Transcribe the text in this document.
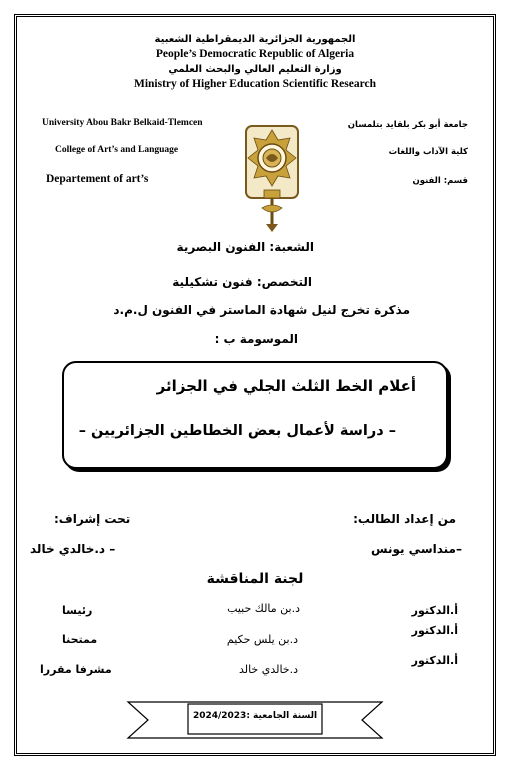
الجمهورية الجزائرية الديمقراطية الشعبية
People’s Democratic Republic of Algeria
وزارة التعليم العالي والبحث العلمي
Ministry of Higher Education Scientific Research
University Abou Bakr Belkaid-Tlemcen
College of Art’s and Language
Departement of art’s
جامعة أبو بكر بلقايد بتلمسان
كلية الآداب واللغات
قسم: الفنون
الشعبة: الفنون البصرية
التخصص: فنون تشكيلية
مذكرة تخرج لنيل شهادة الماستر في الفنون ل.م.د
الموسومة ب :
أعلام الخط الثلث الجلي في الجزائر
– دراسة لأعمال بعض الخطاطين الجزائريين –
من إعداد الطالب:
–منداسي يونس
تحت إشراف:
– د.خالدي خالد
لجنة المناقشة
أ.الدكتور
د.بن مالك حبيب
رئيسا
أ.الدكتور
د.بن يلس حكيم
ممتحنا
أ.الدكتور
د.خالدي خالد
مشرفا مقررا
السنة الجامعية :2024/2023
